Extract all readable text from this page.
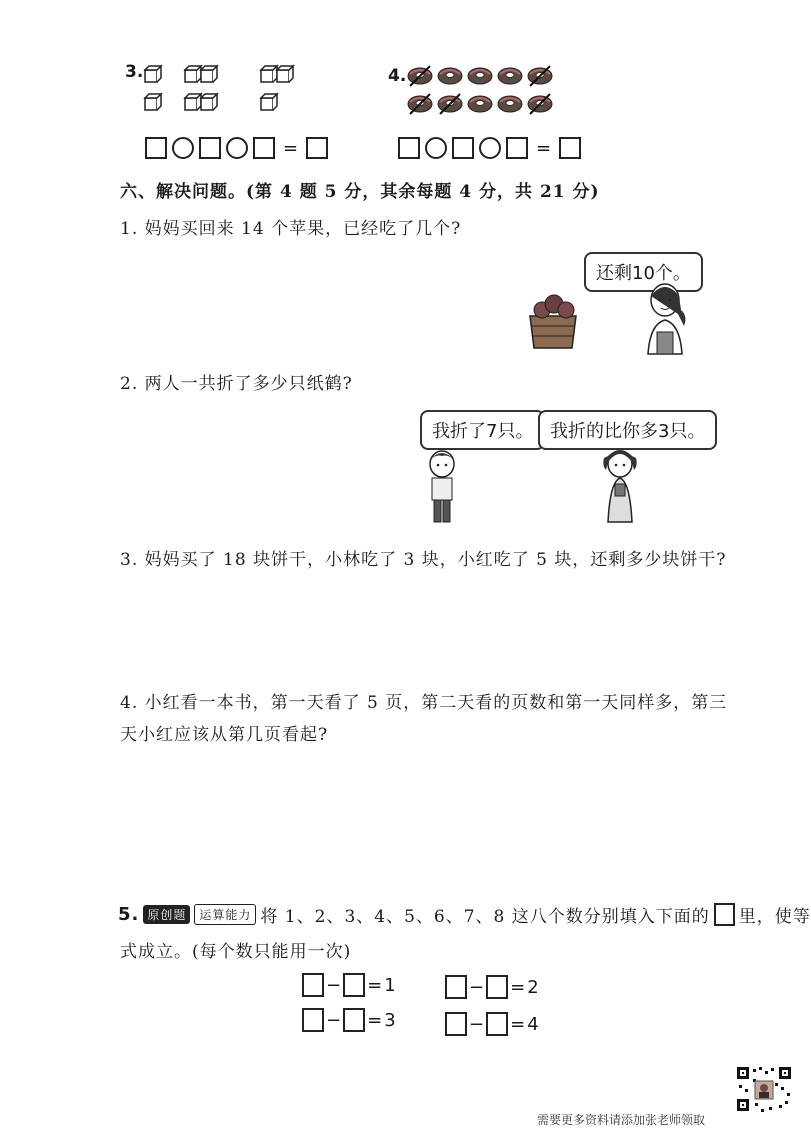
3.
=
4.
=
六、解决问题。(第 4 题 5 分，其余每题 4 分，共 21 分)
1. 妈妈买回来 14 个苹果，已经吃了几个?
还剩10个。
2. 两人一共折了多少只纸鹤?
我折了7只。 我折的比你多3只。
3. 妈妈买了 18 块饼干，小林吃了 3 块，小红吃了 5 块，还剩多少块饼干?
4. 小红看一本书，第一天看了 5 页，第二天看的页数和第一天同样多，第三
天小红应该从第几页看起?
5. 原创题	运算能力 将 1、2、3、4、5、6、7、8 这八个数分别填入下面的 里，使等
式成立。(每个数只能用一次)
− = 1	− = 2
− = 3	− = 4
需要更多资料请添加张老师领取
